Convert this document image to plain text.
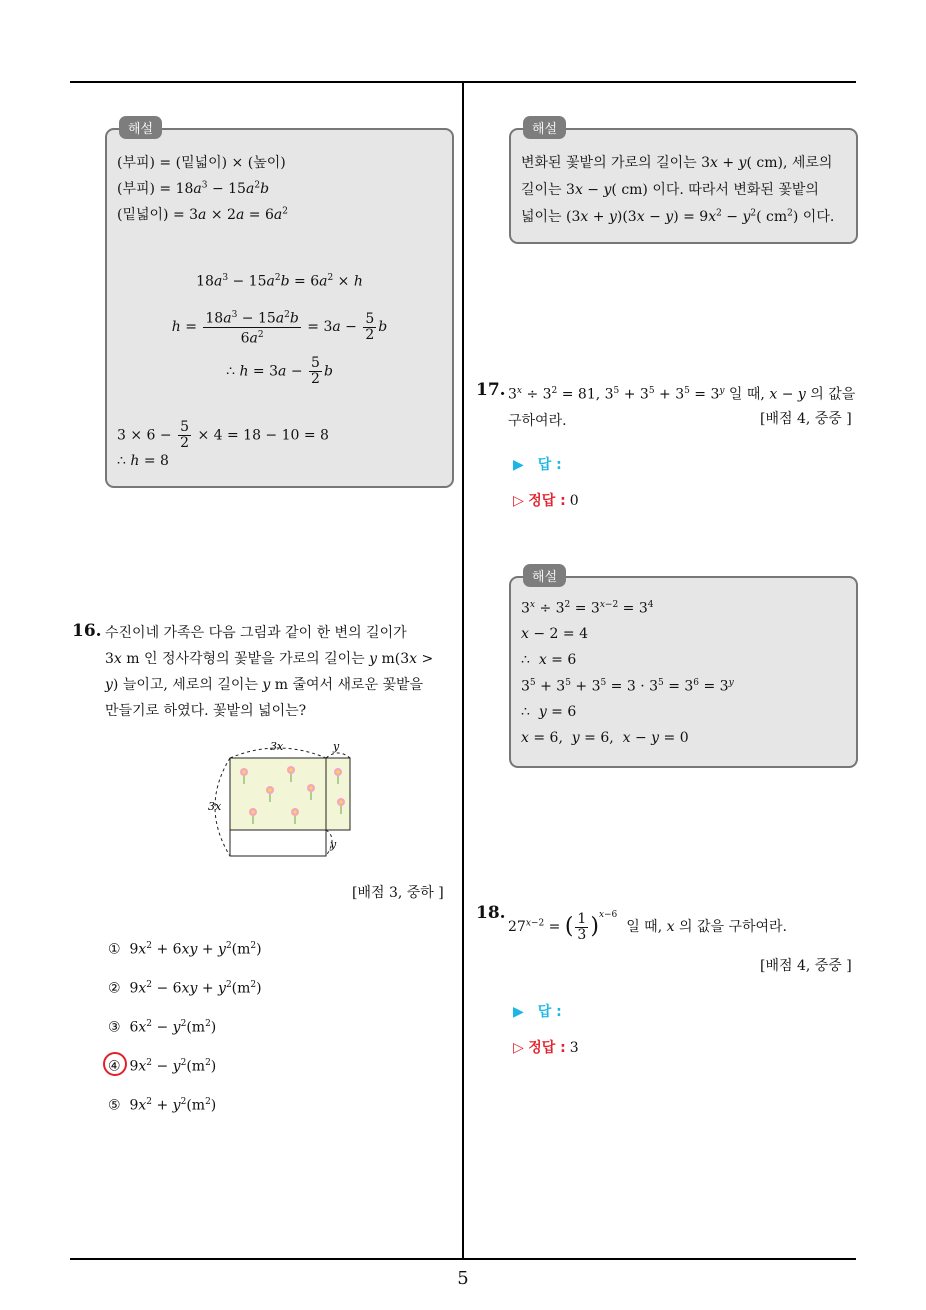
5
해설
(부피) = (밑넓이) × (높이)
(부피) = $18a^3 - 15a^2b$
(밑넓이) = $3a \times 2a = 6a^2$
$18a^3 - 15a^2b = 6a^2 \times h$
$h = \frac{18a^3 - 15a^2b}{6a^2} = 3a - \frac{5}{2}$ b
∴ $h = 3a - \frac{5}{2}$ b
$3 \times 6 - \frac{5}{2} \times 4 = 18 - 10 = 8$
∴ h = 8
16. 수진이네 가족은 다음 그림과 같이 한 변의 길이가
3x m 인 정사각형의 꽃밭을 가로의 길이는 y m(3x >
y) 늘이고, 세로의 길이는 y m 줄여서 새로운 꽃밭을
만들기로 하였다. 꽃밭의 넓이는?
3x
3x
y
y
[배점 3, 중하 ]
①  $9x^2 + 6xy + y^2(m^2)$
②  $9x^2 - 6xy + y^2(m^2)$
③  $6x^2 - y^2(m^2)$
④  $9x^2 - y^2(m^2)$
⑤  $9x^2 + y^2(m^2)$
해설
변화된 꽃밭의 가로의 길이는 3x + y( cm), 세로의
길이는 3x − y( cm) 이다. 따라서 변화된 꽃밭의
넓이는 $(3x + y)(3x - y) = 9x^2 - y^2$( $cm^2$) 이다.
17. $3^x \div 3^2 = 81$, $3^5 + 3^5 + 3^5 = 3^y$ 일 때, x − y 의 값을
구하여라.	[배점 4, 중중 ]
▶ 답 :
▷ 정답 : 0
해설
$3^x \div 3^2 = 3^{x-2} = 3^4$
x − 2 = 4
∴  x = 6
$3^5 + 3^5 + 3^5 = 3 \cdot 3^5 = 3^6 = 3^y$
∴  y = 6
x = 6,  y = 6,  x − y = 0
18.
$27^{x-2}$ = ( $\frac{1}{3} )^{x-6}$  일 때, x 의 값을 구하여라.
[배점 4, 중중 ]
▶ 답 :
▷ 정답 : 3
